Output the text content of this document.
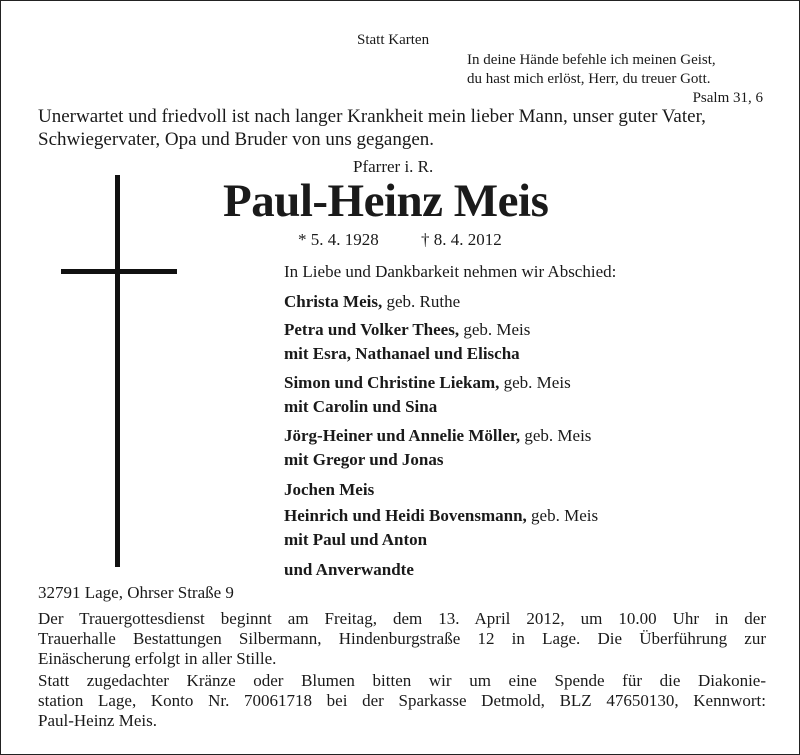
Statt Karten
In deine Hände befehle ich meinen Geist,
du hast mich erlöst, Herr, du treuer Gott.
Psalm 31, 6
Unerwartet und friedvoll ist nach langer Krankheit mein lieber Mann, unser guter Vater,
Schwiegervater, Opa und Bruder von uns gegangen.
Pfarrer i. R.
Paul-Heinz Meis
* 5. 4. 1928 † 8. 4. 2012
In Liebe und Dankbarkeit nehmen wir Abschied:
Christa Meis, geb. Ruthe
Petra und Volker Thees, geb. Meis
mit Esra, Nathanael und Elischa
Simon und Christine Liekam, geb. Meis
mit Carolin und Sina
Jörg-Heiner und Annelie Möller, geb. Meis
mit Gregor und Jonas
Jochen Meis
Heinrich und Heidi Bovensmann, geb. Meis
mit Paul und Anton
und Anverwandte
32791 Lage, Ohrser Straße 9
Der Trauergottesdienst beginnt am Freitag, dem 13. April 2012, um 10.00 Uhr in der
Trauerhalle Bestattungen Silbermann, Hindenburgstraße 12 in Lage. Die Überführung zur
Einäscherung erfolgt in aller Stille.
Statt zugedachter Kränze oder Blumen bitten wir um eine Spende für die Diakonie-
station Lage, Konto Nr. 70061718 bei der Sparkasse Detmold, BLZ 47650130, Kennwort:
Paul-Heinz Meis.
